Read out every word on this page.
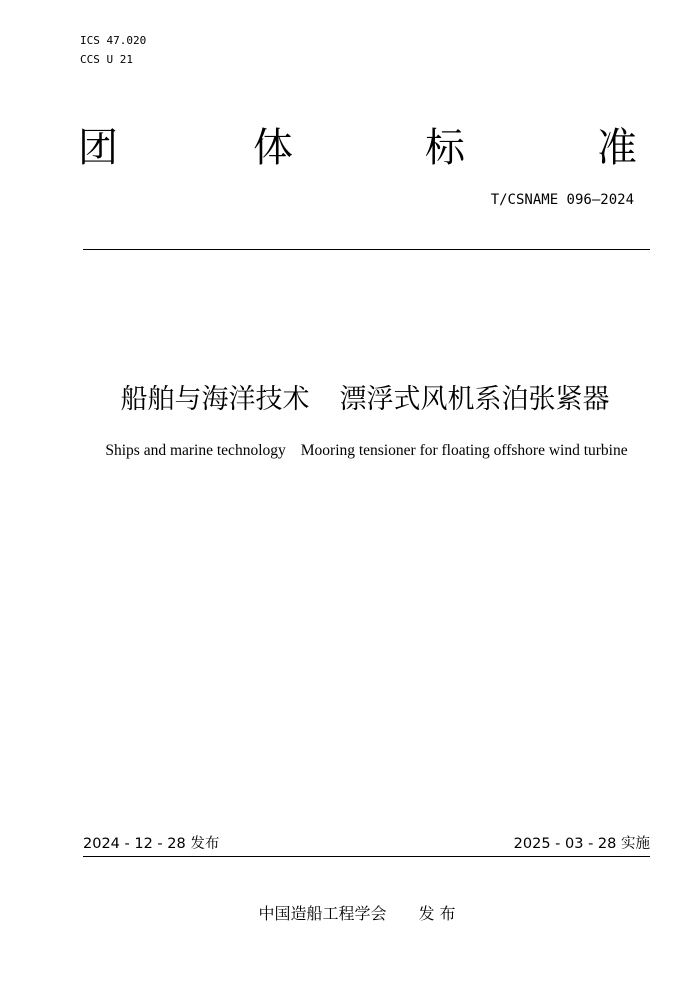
ICS 47.020
CCS U 21
团	体	标	准
T/CSNAME 096—2024
船舶与海洋技术 漂浮式风机系泊张紧器
Ships and marine technology Mooring tensioner for floating offshore wind turbine
2024 - 12 - 28 发布	2025 - 03 - 28 实施
中国造船工程学会 发 布
